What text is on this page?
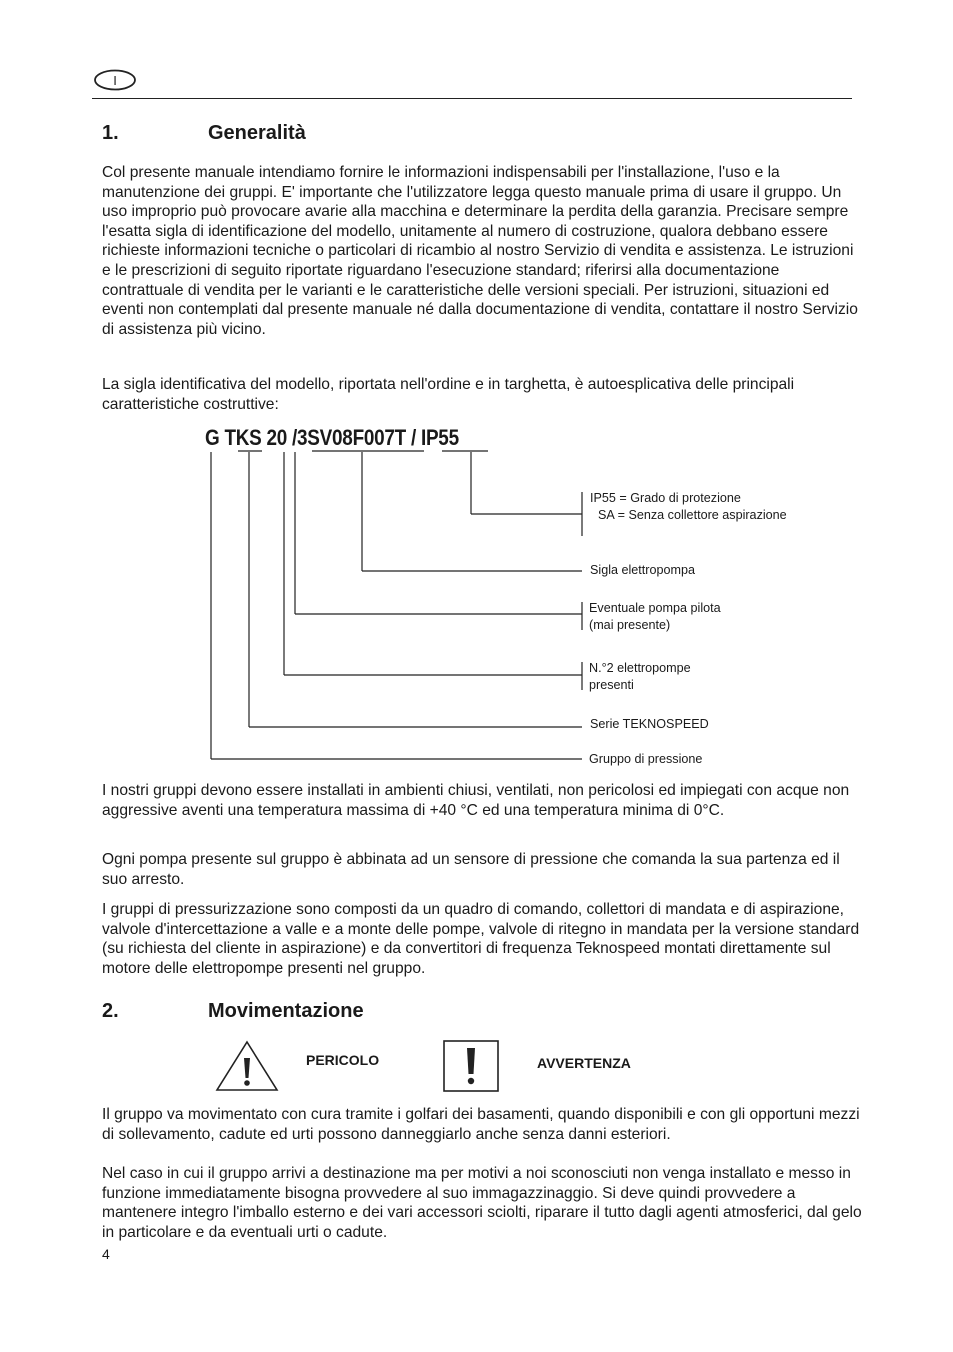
I
1.	Generalità

Col presente manuale intendiamo fornire le informazioni indispensabili per l'installazione, l'uso e la manutenzione dei gruppi. E' importante che l'utilizzatore legga questo manuale prima di usare il gruppo. Un uso improprio può provocare avarie alla macchina e determinare la perdita della garanzia. Precisare sempre l'esatta sigla di identificazione del modello, unitamente al numero di costruzione, qualora debbano essere richieste informazioni tecniche o particolari di ricambio al nostro Servizio di vendita e assistenza. Le istruzioni e le prescrizioni di seguito riportate riguardano l'esecuzione standard; riferirsi alla documentazione contrattuale di vendita per le varianti e le caratteristiche delle versioni speciali. Per istruzioni, situazioni ed eventi non contemplati dal presente manuale né dalla documentazione di vendita, contattare il nostro Servizio di assistenza più vicino.

La sigla identificativa del modello, riportata nell'ordine e in targhetta, è autoesplicativa delle principali caratteristiche costruttive:

G TKS 20 /3SV08F007T / IP55
IP55 = Grado di protezione
SA = Senza collettore aspirazione
Sigla elettropompa
Eventuale pompa pilota
(mai presente)
N.°2 elettropompe
presenti
Serie TEKNOSPEED
Gruppo di pressione

I nostri gruppi devono essere installati in ambienti chiusi, ventilati, non pericolosi ed impiegati con acque non aggressive aventi una temperatura massima di +40 °C ed una temperatura minima di 0°C.

Ogni pompa presente sul gruppo è abbinata ad un sensore di pressione che comanda la sua partenza ed il suo arresto.

I gruppi di pressurizzazione sono composti da un quadro di comando, collettori di mandata e di aspirazione, valvole d'intercettazione a valle e a monte delle pompe, valvole di ritegno in mandata per la versione standard (su richiesta del cliente in aspirazione) e da convertitori di frequenza Teknospeed montati direttamente sul motore delle elettropompe presenti nel gruppo.

2.	Movimentazione
PERICOLO	AVVERTENZA

Il gruppo va movimentato con cura tramite i golfari dei basamenti, quando disponibili e con gli opportuni mezzi di sollevamento, cadute ed urti possono danneggiarlo anche senza danni esteriori.

Nel caso in cui il gruppo arrivi a destinazione ma per motivi a noi sconosciuti non venga installato e messo in funzione immediatamente bisogna provvedere al suo immagazzinaggio. Si deve quindi provvedere a mantenere integro l'imballo esterno e dei vari accessori sciolti, riparare il tutto dagli agenti atmosferici, dal gelo in particolare e da eventuali urti o cadute.

4
